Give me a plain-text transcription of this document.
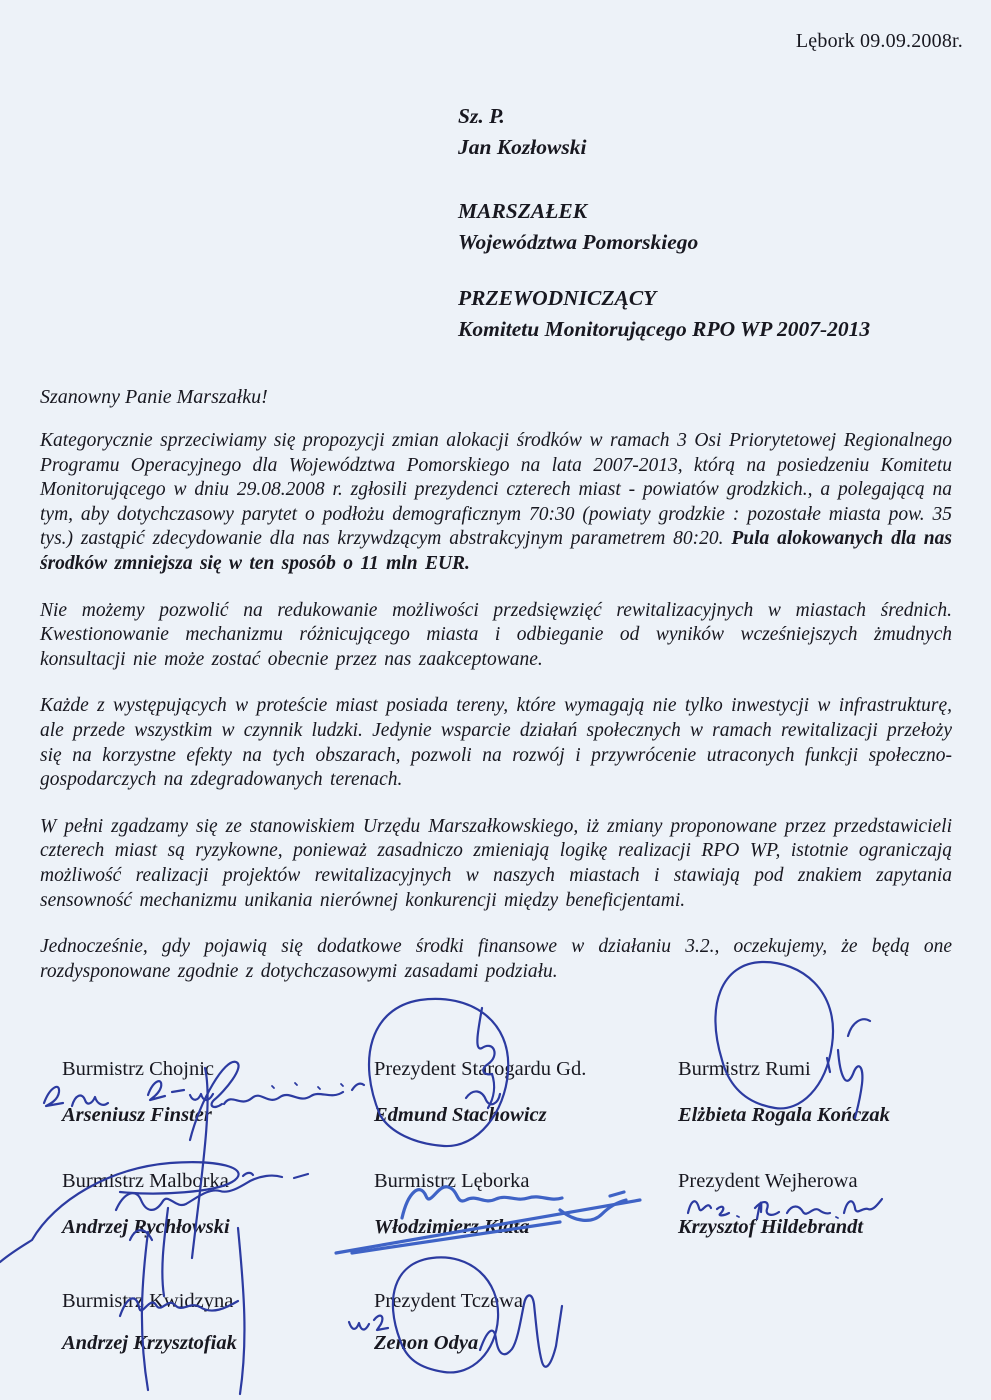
Lębork 09.09.2008r.
Sz. P.
Jan Kozłowski
MARSZAŁEK
Województwa Pomorskiego
PRZEWODNICZĄCY
Komitetu Monitorującego RPO WP 2007-2013
Szanowny Panie Marszałku!

Kategorycznie sprzeciwiamy się propozycji zmian alokacji środków w ramach 3 Osi Priorytetowej Regionalnego Programu Operacyjnego dla Województwa Pomorskiego na lata 2007-2013, którą na posiedzeniu Komitetu Monitorującego w dniu 29.08.2008 r. zgłosili prezydenci czterech miast - powiatów grodzkich., a polegającą na tym, aby dotychczasowy parytet o podłożu demograficznym 70:30 (powiaty grodzkie : pozostałe miasta pow. 35 tys.) zastąpić zdecydowanie dla nas krzywdzącym abstrakcyjnym parametrem 80:20. Pula alokowanych dla nas środków zmniejsza się w ten sposób o 11 mln EUR.

Nie możemy pozwolić na redukowanie możliwości przedsięwzięć rewitalizacyjnych w miastach średnich. Kwestionowanie mechanizmu różnicującego miasta i odbieganie od wyników wcześniejszych żmudnych konsultacji nie może zostać obecnie przez nas zaakceptowane.

Każde z występujących w proteście miast posiada tereny, które wymagają nie tylko inwestycji w infrastrukturę, ale przede wszystkim w czynnik ludzki. Jedynie wsparcie działań społecznych w ramach rewitalizacji przełoży się na korzystne efekty na tych obszarach, pozwoli na rozwój i przywrócenie utraconych funkcji społeczno-gospodarczych na zdegradowanych terenach.

W pełni zgadzamy się ze stanowiskiem Urzędu Marszałkowskiego, iż zmiany proponowane przez przedstawicieli czterech miast są ryzykowne, ponieważ zasadniczo zmieniają logikę realizacji RPO WP, istotnie ograniczają możliwość realizacji projektów rewitalizacyjnych w naszych miastach i stawiają pod znakiem zapytania sensowność mechanizmu unikania nierównej konkurencji między beneficjentami.

Jednocześnie, gdy pojawią się dodatkowe środki finansowe w działaniu 3.2., oczekujemy, że będą one rozdysponowane zgodnie z dotychczasowymi zasadami podziału.

Burmistrz Chojnic
Arseniusz Finster
Prezydent Starogardu Gd.
Edmund Stachowicz
Burmistrz Rumi
Elżbieta Rogala Kończak
Burmistrz Malborka
Andrzej Rychłowski
Burmistrz Lęborka
Włodzimierz Klata
Prezydent Wejherowa
Krzysztof Hildebrandt
Burmistrz Kwidzyna
Andrzej Krzysztofiak
Prezydent Tczewa
Zenon Odya
